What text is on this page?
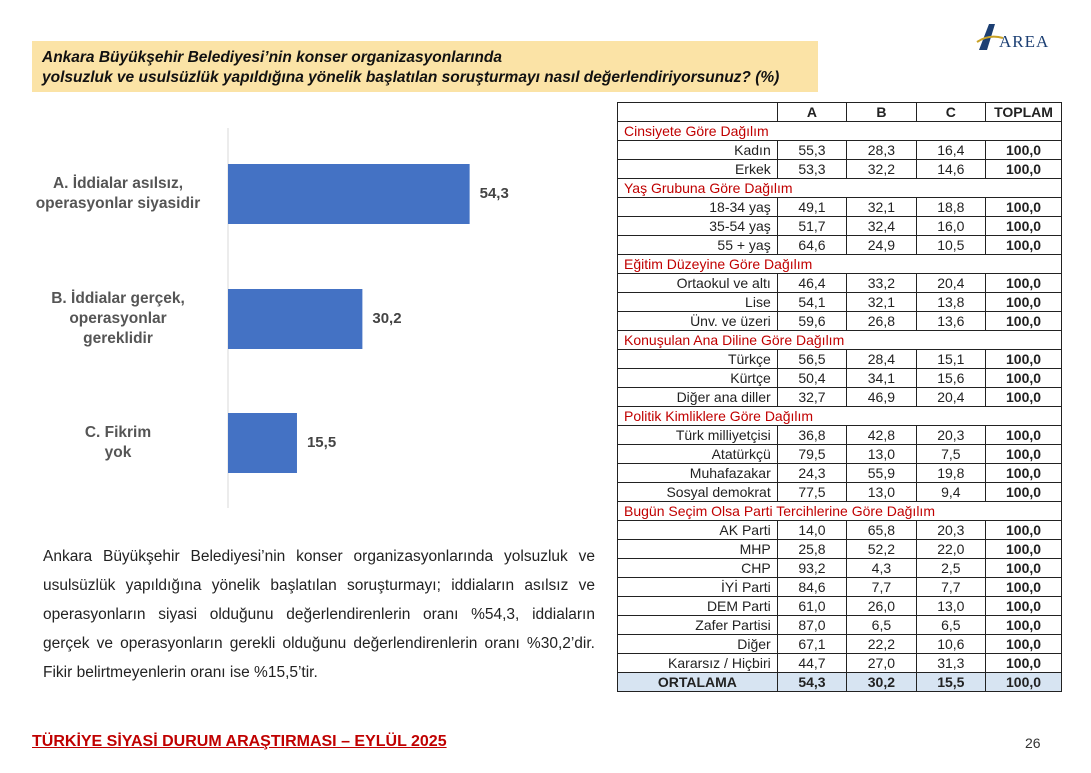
Ankara Büyükşehir Belediyesi’nin konser organizasyonlarında
yolsuzluk ve usulsüzlük yapıldığına yönelik başlatılan soruşturmayı nasıl değerlendiriyorsunuz? (%)
AREA
54,3
A. İddialar asılsız,
operasyonlar siyasidir
30,2
B. İddialar gerçek,
operasyonlar
gereklidir
15,5
C. Fikrim
yok
Ankara Büyükşehir Belediyesi’nin konser organizasyonlarında yolsuzluk ve usulsüzlük yapıldığına yönelik başlatılan soruşturmayı; iddiaların asılsız ve operasyonların siyasi olduğunu değerlendirenlerin oranı %54,3, iddiaların gerçek ve operasyonların gerekli olduğunu değerlendirenlerin oranı %30,2’dir. Fikir belirtmeyenlerin oranı ise %15,5’tir.
	A	B	C	TOPLAM
Cinsiyete Göre Dağılım				
Kadın	55,3	28,3	16,4	100,0
Erkek	53,3	32,2	14,6	100,0
Yaş Grubuna Göre Dağılım				
18-34 yaş	49,1	32,1	18,8	100,0
35-54 yaş	51,7	32,4	16,0	100,0
55 + yaş	64,6	24,9	10,5	100,0
Eğitim Düzeyine Göre Dağılım				
Ortaokul ve altı	46,4	33,2	20,4	100,0
Lise	54,1	32,1	13,8	100,0
Ünv. ve üzeri	59,6	26,8	13,6	100,0
Konuşulan Ana Diline Göre Dağılım				
Türkçe	56,5	28,4	15,1	100,0
Kürtçe	50,4	34,1	15,6	100,0
Diğer ana diller	32,7	46,9	20,4	100,0
Politik Kimliklere Göre Dağılım				
Türk milliyetçisi	36,8	42,8	20,3	100,0
Atatürkçü	79,5	13,0	7,5	100,0
Muhafazakar	24,3	55,9	19,8	100,0
Sosyal demokrat	77,5	13,0	9,4	100,0
Bugün Seçim Olsa Parti Tercihlerine Göre Dağılım				
AK Parti	14,0	65,8	20,3	100,0
MHP	25,8	52,2	22,0	100,0
CHP	93,2	4,3	2,5	100,0
İYİ Parti	84,6	7,7	7,7	100,0
DEM Parti	61,0	26,0	13,0	100,0
Zafer Partisi	87,0	6,5	6,5	100,0
Diğer	67,1	22,2	10,6	100,0
Kararsız / Hiçbiri	44,7	27,0	31,3	100,0
ORTALAMA	54,3	30,2	15,5	100,0
TÜRKİYE SİYASİ DURUM ARAŞTIRMASI – EYLÜL 2025	26
